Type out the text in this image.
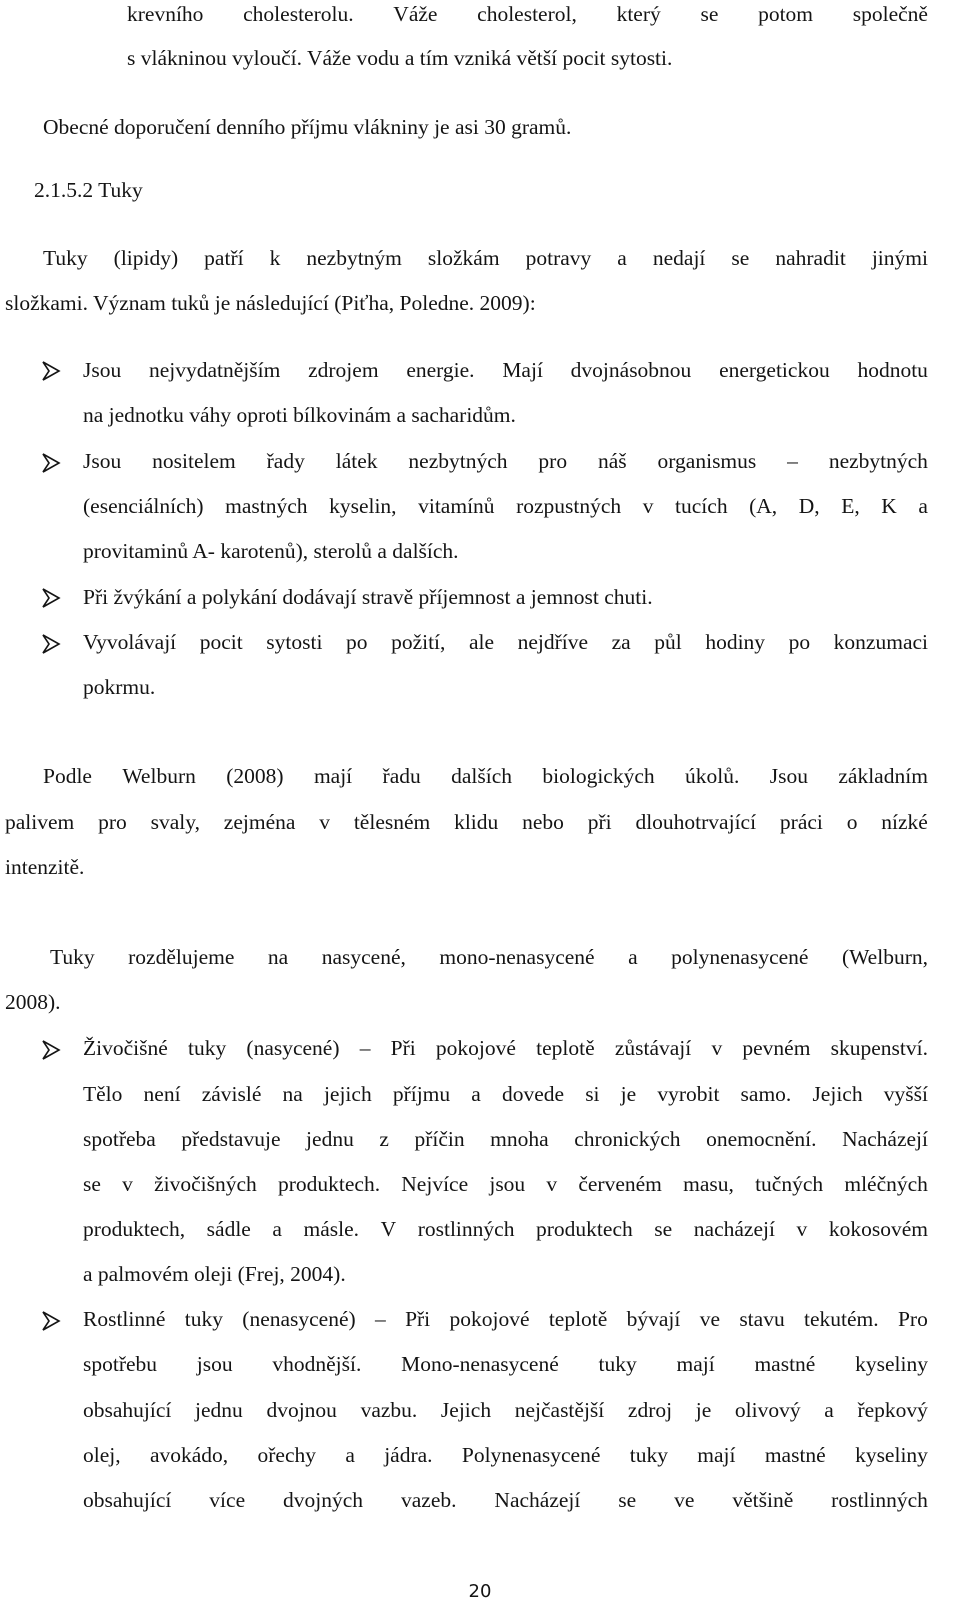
krevního cholesterolu. Váže cholesterol, který se potom společně
s vlákninou vyloučí. Váže vodu a tím vzniká větší pocit sytosti.
Obecné doporučení denního příjmu vlákniny je asi 30 gramů.
2.1.5.2 Tuky
Tuky (lipidy) patří k nezbytným složkám potravy a nedají se nahradit jinými
složkami. Význam tuků je následující (Piťha, Poledne. 2009):
Jsou nejvydatnějším zdrojem energie. Mají dvojnásobnou energetickou hodnotu
na jednotku váhy oproti bílkovinám a sacharidům.
Jsou nositelem řady látek nezbytných pro náš organismus – nezbytných
(esenciálních) mastných kyselin, vitamínů rozpustných v tucích (A, D, E, K a
provitaminů A- karotenů), sterolů a dalších.
Při žvýkání a polykání dodávají stravě příjemnost a jemnost chuti.
Vyvolávají pocit sytosti po požití, ale nejdříve za půl hodiny po konzumaci
pokrmu.
Podle Welburn (2008) mají řadu dalších biologických úkolů. Jsou základním
palivem pro svaly, zejména v tělesném klidu nebo při dlouhotrvající práci o nízké
intenzitě.
Tuky rozdělujeme na nasycené, mono-nenasycené a polynenasycené (Welburn,
2008).
Živočišné tuky (nasycené) – Při pokojové teplotě zůstávají v pevném skupenství.
Tělo není závislé na jejich příjmu a dovede si je vyrobit samo. Jejich vyšší
spotřeba představuje jednu z příčin mnoha chronických onemocnění. Nacházejí
se v živočišných produktech. Nejvíce jsou v červeném masu, tučných mléčných
produktech, sádle a másle. V rostlinných produktech se nacházejí v kokosovém
a palmovém oleji (Frej, 2004).
Rostlinné tuky (nenasycené) – Při pokojové teplotě bývají ve stavu tekutém. Pro
spotřebu jsou vhodnější. Mono-nenasycené tuky mají mastné kyseliny
obsahující jednu dvojnou vazbu. Jejich nejčastější zdroj je olivový a řepkový
olej, avokádo, ořechy a jádra. Polynenasycené tuky mají mastné kyseliny
obsahující více dvojných vazeb. Nacházejí se ve většině rostlinných
20
